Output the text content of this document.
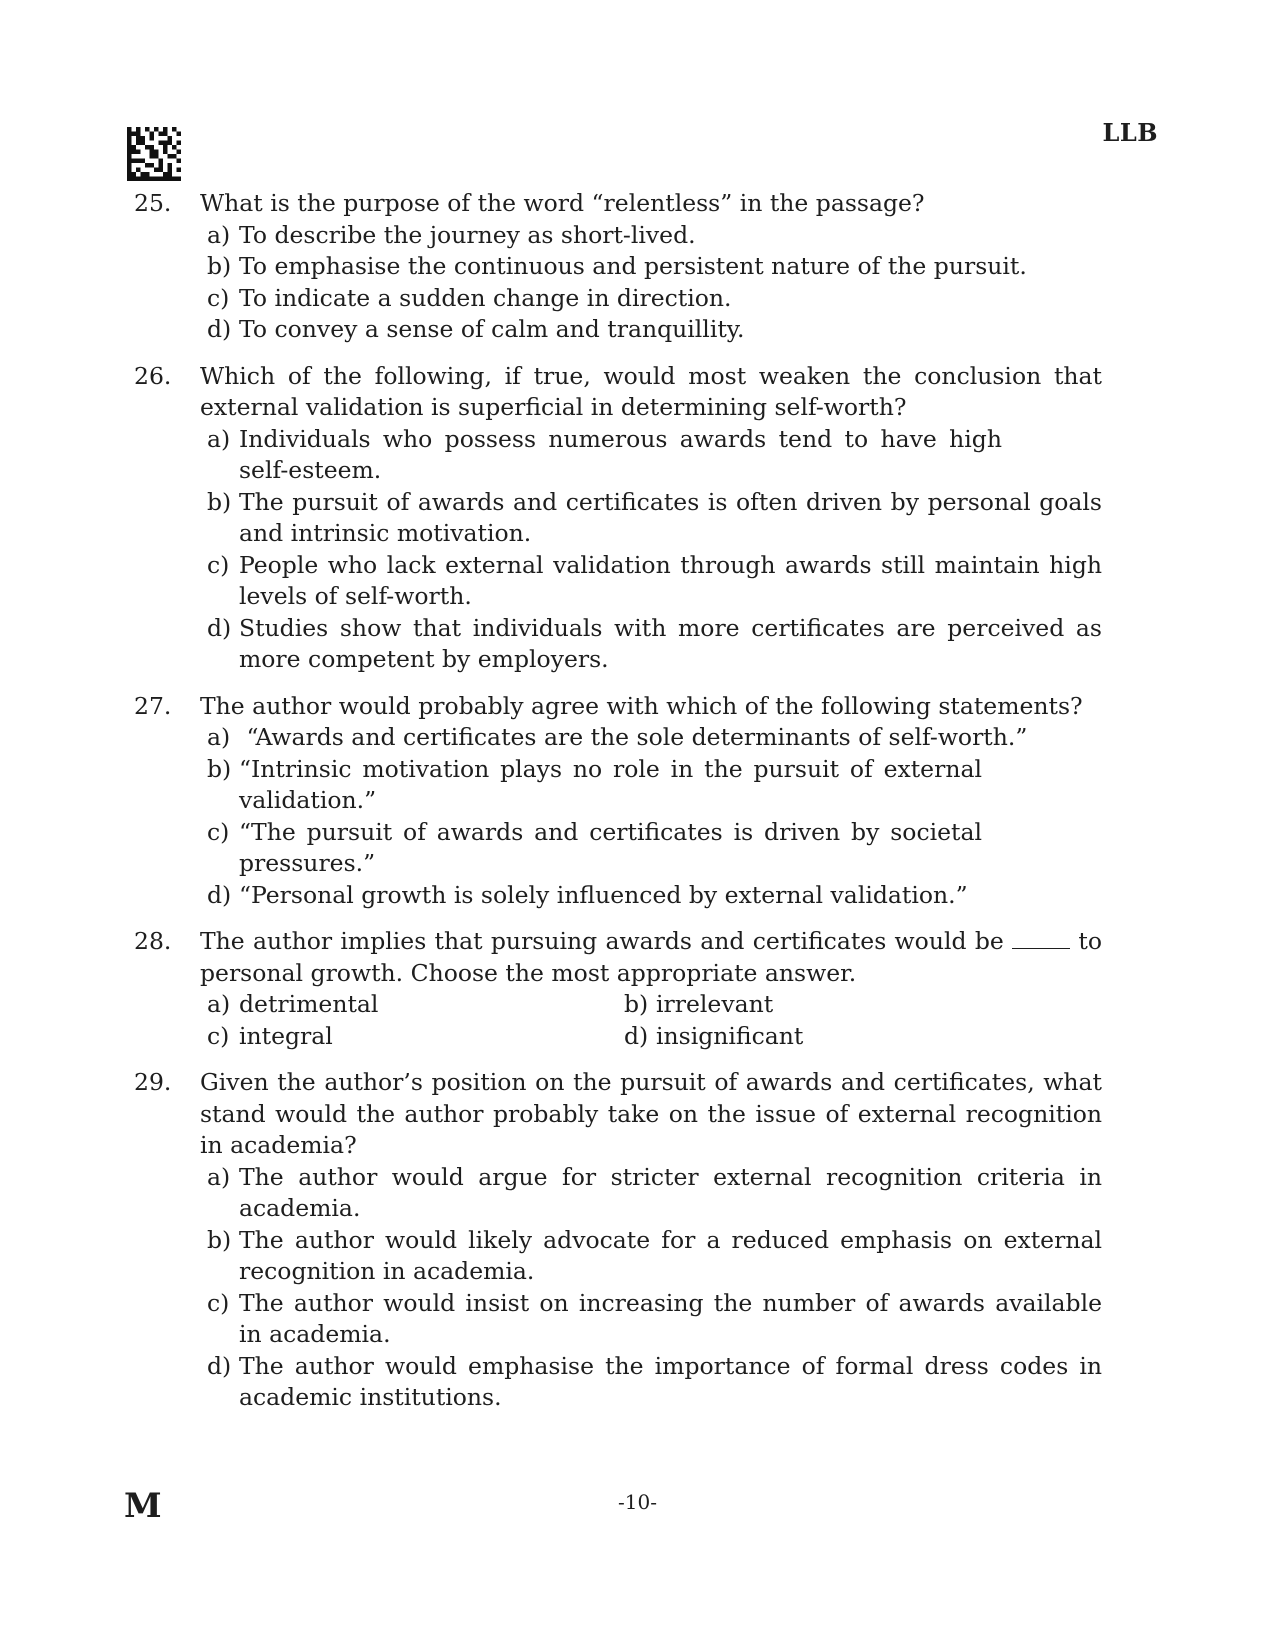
LLB
25. What is the purpose of the word “relentless” in the passage?
a) To describe the journey as short-lived.
b) To emphasise the continuous and persistent nature of the pursuit.
c) To indicate a sudden change in direction.
d) To convey a sense of calm and tranquillity.
26. Which of the following, if true, would most weaken the conclusion that external validation is superficial in determining self-worth?
a) Individuals who possess numerous awards tend to have high self-esteem.
b) The pursuit of awards and certificates is often driven by personal goals and intrinsic motivation.
c) People who lack external validation through awards still maintain high levels of self-worth.
d) Studies show that individuals with more certificates are perceived as more competent by employers.
27. The author would probably agree with which of the following statements?
a) “Awards and certificates are the sole determinants of self-worth.”
b) “Intrinsic motivation plays no role in the pursuit of external validation.”
c) “The pursuit of awards and certificates is driven by societal pressures.”
d) “Personal growth is solely influenced by external validation.”
28. The author implies that pursuing awards and certificates would be	to personal growth. Choose the most appropriate answer.
a) detrimental	b) irrelevant
c) integral	d) insignificant
29. Given the author’s position on the pursuit of awards and certificates, what stand would the author probably take on the issue of external recognition in academia?
a) The author would argue for stricter external recognition criteria in academia.
b) The author would likely advocate for a reduced emphasis on external recognition in academia.
c) The author would insist on increasing the number of awards available in academia.
d) The author would emphasise the importance of formal dress codes in academic institutions.
M	-10-
